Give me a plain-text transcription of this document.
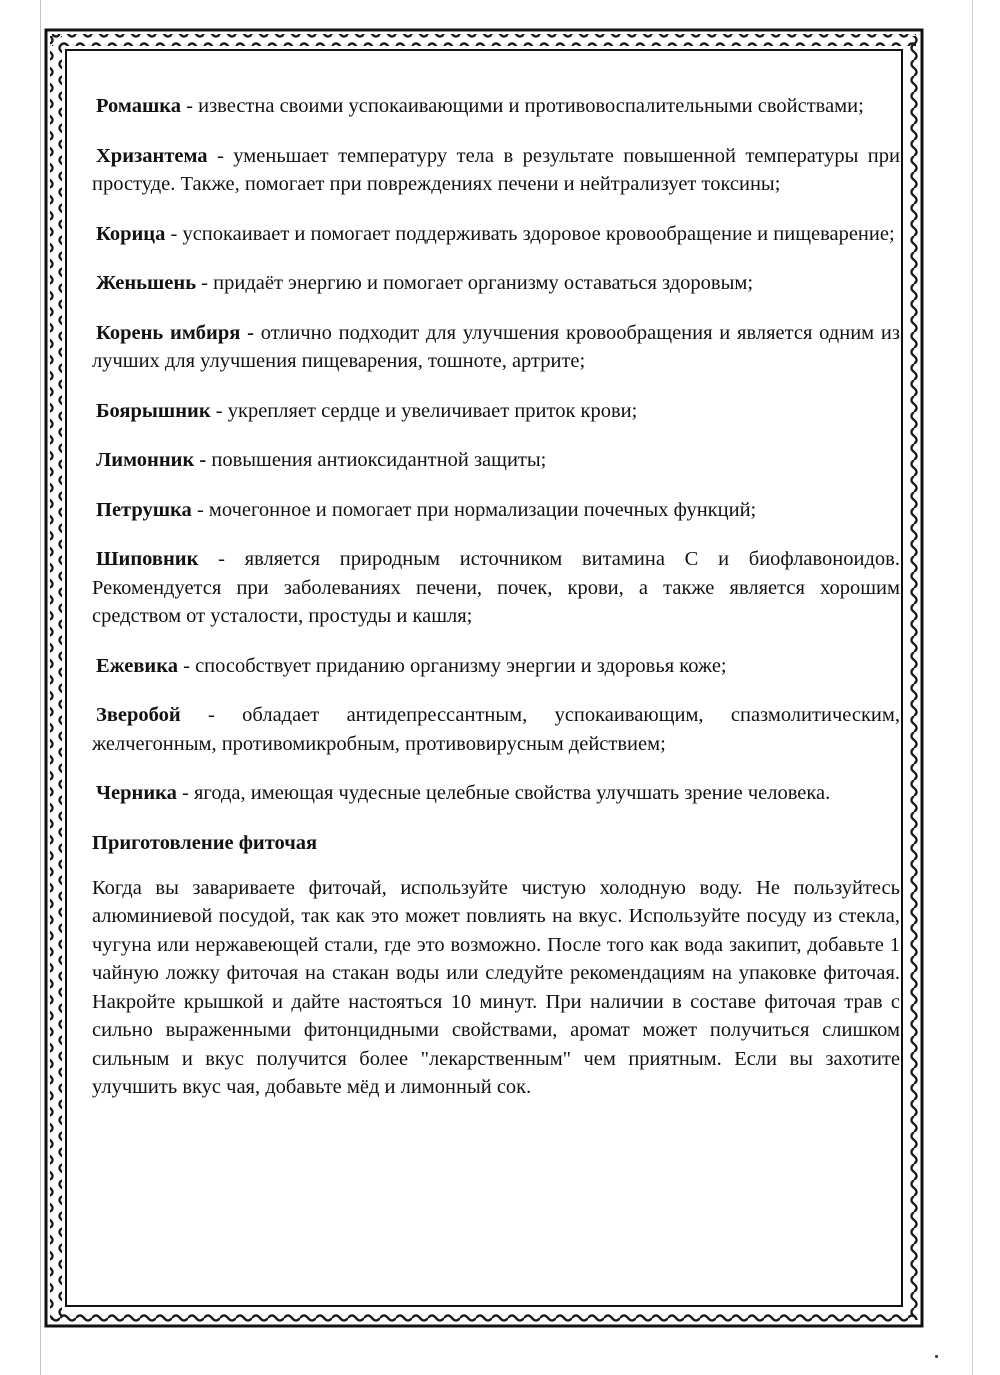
Ромашка - известна своими успокаивающими и противовоспалительными свойствами;

Хризантема - уменьшает температуру тела в результате повышенной температуры при простуде. Также, помогает при повреждениях печени и нейтрализует токсины;

Корица - успокаивает и помогает поддерживать здоровое кровообращение и пищеварение;

Женьшень - придаёт энергию и помогает организму оставаться здоровым;

Корень имбиря - отлично подходит для улучшения кровообращения и является одним из лучших для улучшения пищеварения, тошноте, артрите;

Боярышник - укрепляет сердце и увеличивает приток крови;

Лимонник - повышения антиоксидантной защиты;

Петрушка - мочегонное и помогает при нормализации почечных функций;

Шиповник - является природным источником витамина С и биофлавоноидов. Рекомендуется при заболеваниях печени, почек, крови, а также является хорошим средством от усталости, простуды и кашля;

Ежевика - способствует приданию организму энергии и здоровья коже;

Зверобой - обладает антидепрессантным, успокаивающим, спазмолитическим, желчегонным, противомикробным, противовирусным действием;

Черника - ягода, имеющая чудесные целебные свойства улучшать зрение человека.

Приготовление фиточая

Когда вы завариваете фиточай, используйте чистую холодную воду. Не пользуйтесь алюминиевой посудой, так как это может повлиять на вкус. Используйте посуду из стекла, чугуна или нержавеющей стали, где это возможно. После того как вода закипит, добавьте 1 чайную ложку фиточая на стакан воды или следуйте рекомендациям на упаковке фиточая. Накройте крышкой и дайте настояться 10 минут. При наличии в составе фиточая трав с сильно выраженными фитонцидными свойствами, аромат может получиться слишком сильным и вкус получится более "лекарственным" чем приятным. Если вы захотите улучшить вкус чая, добавьте мёд и лимонный сок.
